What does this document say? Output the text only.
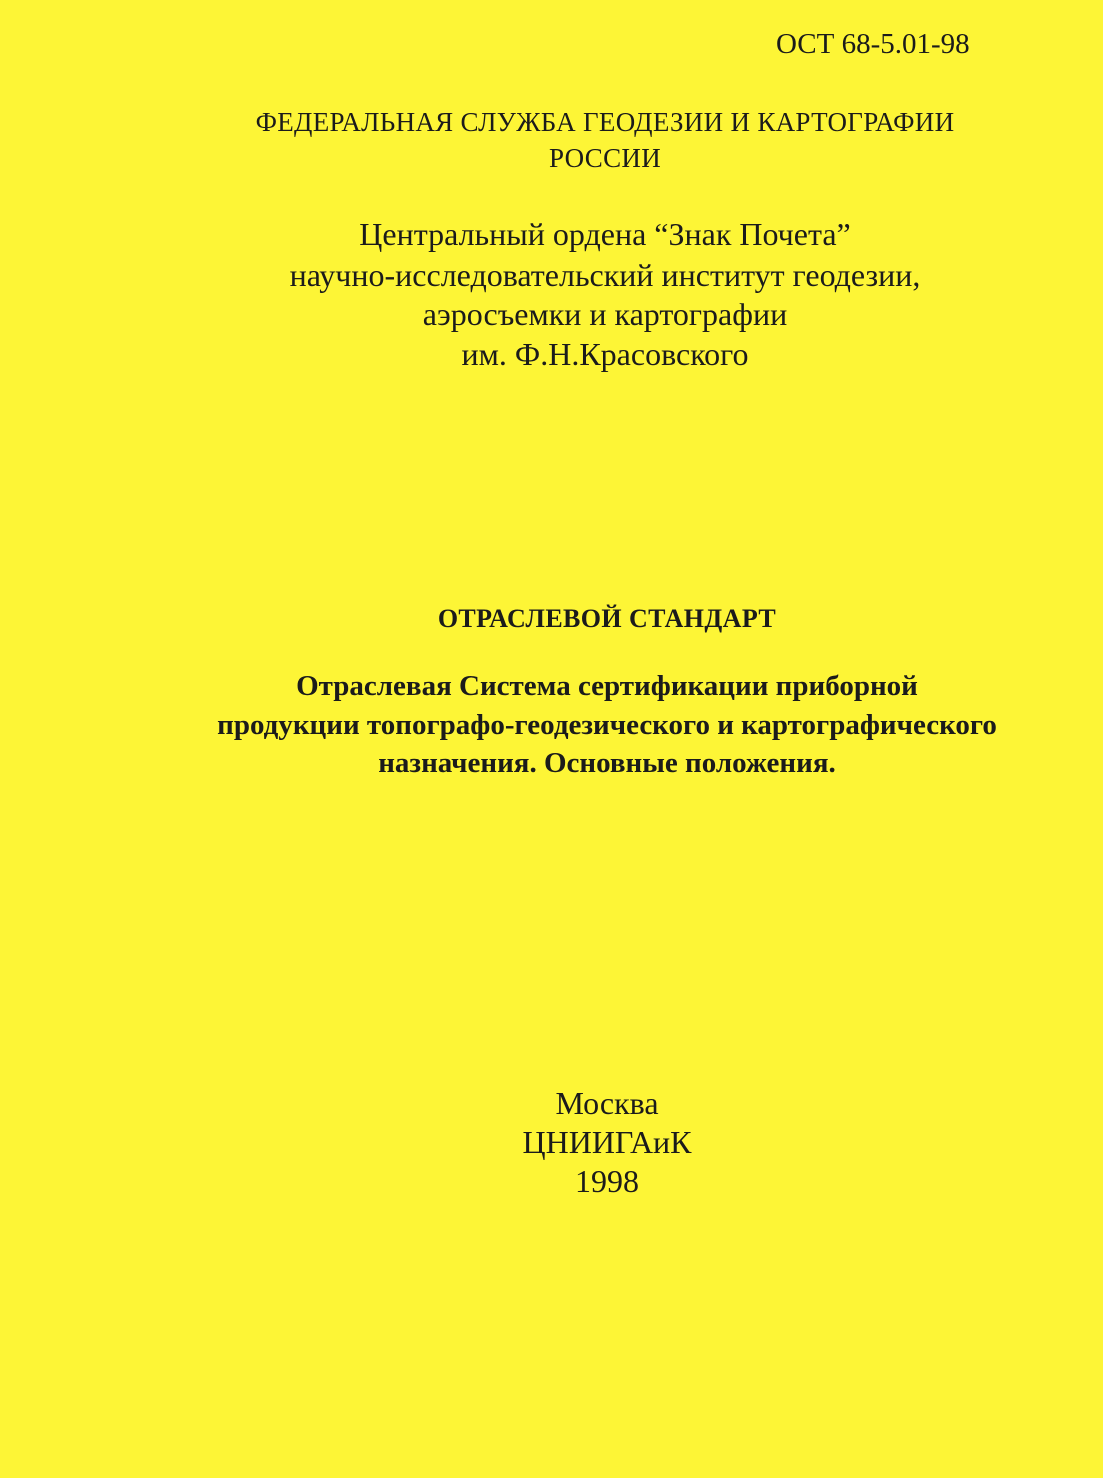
ОСТ 68-5.01-98

ФЕДЕРАЛЬНАЯ СЛУЖБА ГЕОДЕЗИИ И КАРТОГРАФИИ

РОССИИ

Центральный ордена “Знак Почета”

научно-исследовательский институт геодезии,

аэросъемки и картографии

им. Ф.Н.Красовского

ОТРАСЛЕВОЙ СТАНДАРТ

Отраслевая Система сертификации приборной

продукции топографо-геодезического и картографического

назначения. Основные положения.

Москва

ЦНИИГАиК

1998
